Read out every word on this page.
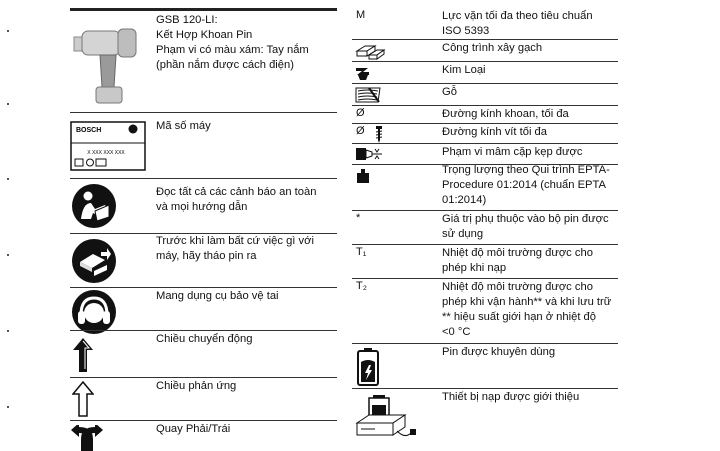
GSB 120-LI:
Kết Hợp Khoan Pin
Phạm vi có màu xám: Tay nắm
(phần nắm được cách điện)
X XXX XXX XXX
BOSCH	Mã số máy
Đọc tất cả các cảnh báo an toàn
và mọi hướng dẫn
Trước khi làm bất cứ việc gì với
máy, hãy tháo pin ra
Mang dụng cụ bảo vệ tai
Chiều chuyển động
Chiều phản ứng
Quay Phải/Trái
M	Lực vặn tối đa theo tiêu chuẩn
ISO 5393
Công trình xây gạch
Kim Loại
Gỗ
Ø	Đường kính khoan, tối đa
Ø	Đường kính vít tối đa
Phạm vi mâm cặp kẹp được
Trọng lượng theo Qui trình EPTA-
Procedure 01:2014 (chuẩn EPTA
01:2014)
*	Giá trị phụ thuộc vào bộ pin được
sử dụng
T₁	Nhiệt độ môi trường được cho
phép khi nạp
T₂	Nhiệt độ môi trường được cho
phép khi vận hành** và khi lưu trữ
** hiệu suất giới hạn ở nhiệt độ
<0 °C
Pin được khuyên dùng
Thiết bị nạp được giới thiệu
